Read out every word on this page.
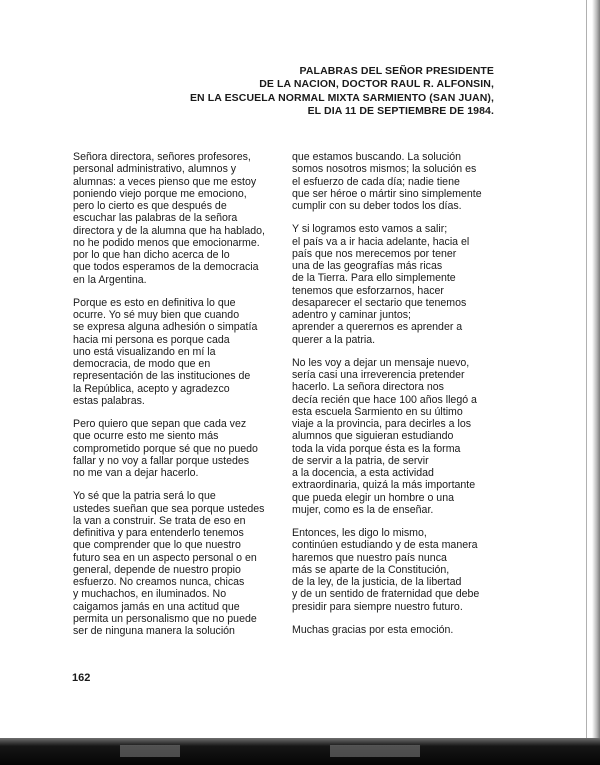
PALABRAS DEL SEÑOR PRESIDENTE
DE LA NACION, DOCTOR RAUL R. ALFONSIN,
EN LA ESCUELA NORMAL MIXTA SARMIENTO (SAN JUAN),
EL DIA 11 DE SEPTIEMBRE DE 1984.
Señora directora, señores profesores,
personal administrativo, alumnos y
alumnas: a veces pienso que me estoy
poniendo viejo porque me emociono,
pero lo cierto es que después de
escuchar las palabras de la señora
directora y de la alumna que ha hablado,
no he podido menos que emocionarme.
por lo que han dicho acerca de lo
que todos esperamos de la democracia
en la Argentina.
Porque es esto en definitiva lo que
ocurre. Yo sé muy bien que cuando
se expresa alguna adhesión o simpatía
hacia mi persona es porque cada
uno está visualizando en mí la
democracia, de modo que en
representación de las instituciones de
la República, acepto y agradezco
estas palabras.
Pero quiero que sepan que cada vez
que ocurre esto me siento más
comprometido porque sé que no puedo
fallar y no voy a fallar porque ustedes
no me van a dejar hacerlo.
Yo sé que la patria será lo que
ustedes sueñan que sea porque ustedes
la van a construir. Se trata de eso en
definitiva y para entenderlo tenemos
que comprender que lo que nuestro
futuro sea en un aspecto personal o en
general, depende de nuestro propio
esfuerzo. No creamos nunca, chicas
y muchachos, en iluminados. No
caigamos jamás en una actitud que
permita un personalismo que no puede
ser de ninguna manera la solución
que estamos buscando. La solución
somos nosotros mismos; la solución es
el esfuerzo de cada día; nadie tiene
que ser héroe o mártir sino simplemente
cumplir con su deber todos los días.
Y si logramos esto vamos a salir;
el país va a ir hacia adelante, hacia el
país que nos merecemos por tener
una de las geografías más ricas
de la Tierra. Para ello simplemente
tenemos que esforzarnos, hacer
desaparecer el sectario que tenemos
adentro y caminar juntos;
aprender a querernos es aprender a
querer a la patria.
No les voy a dejar un mensaje nuevo,
sería casi una irreverencia pretender
hacerlo. La señora directora nos
decía recién que hace 100 años llegó a
esta escuela Sarmiento en su último
viaje a la provincia, para decirles a los
alumnos que siguieran estudiando
toda la vida porque ésta es la forma
de servir a la patria, de servir
a la docencia, a esta actividad
extraordinaria, quizá la más importante
que pueda elegir un hombre o una
mujer, como es la de enseñar.
Entonces, les digo lo mismo,
continúen estudiando y de esta manera
haremos que nuestro país nunca
más se aparte de la Constitución,
de la ley, de la justicia, de la libertad
y de un sentido de fraternidad que debe
presidir para siempre nuestro futuro.
Muchas gracias por esta emoción.
162
